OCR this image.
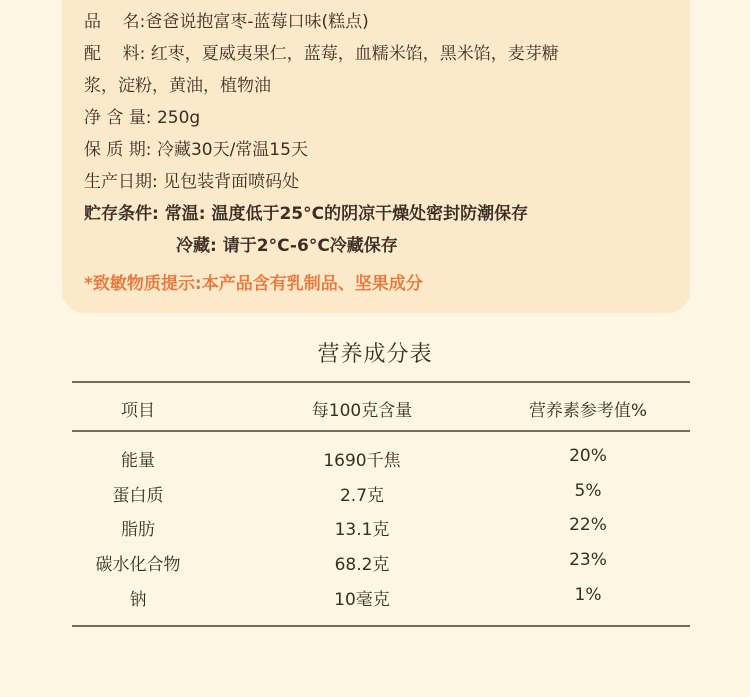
品    名:爸爸说抱富枣-蓝莓口味(糕点)
配    料: 红枣，夏威夷果仁，蓝莓，血糯米馅，黑米馅，麦芽糖
浆，淀粉，黄油，植物油
净 含 量: 250g
保 质 期: 冷藏30天/常温15天
生产日期: 见包装背面喷码处
贮存条件: 常温: 温度低于25°C的阴凉干燥处密封防潮保存
冷藏: 请于2°C-6°C冷藏保存
*致敏物质提示:本产品含有乳制品、坚果成分
营养成分表
项目	每100克含量	营养素参考值%
能量	1690千焦	20%
蛋白质	2.7克	5%
脂肪	13.1克	22%
碳水化合物	68.2克	23%
钠	10毫克	1%
